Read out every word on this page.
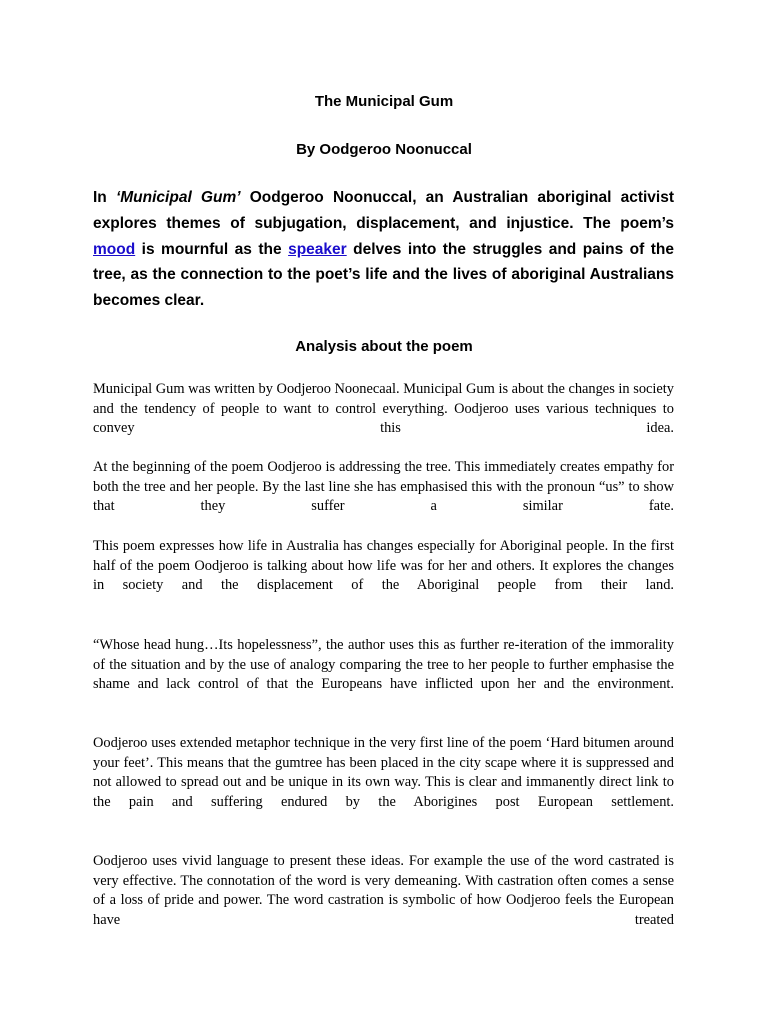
The Municipal Gum
By Oodgeroo Noonuccal

In ‘Municipal Gum’ Oodgeroo Noonuccal, an Australian aboriginal activist explores themes of subjugation, displacement, and injustice. The poem’s mood is mournful as the speaker delves into the struggles and pains of the tree, as the connection to the poet’s life and the lives of aboriginal Australians becomes clear.

Analysis about the poem

Municipal Gum was written by Oodjeroo Noonecaal. Municipal Gum is about the changes in society and the tendency of people to want to control everything. Oodjeroo uses various techniques to convey this idea.

At the beginning of the poem Oodjeroo is addressing the tree. This immediately creates empathy for both the tree and her people. By the last line she has emphasised this with the pronoun “us” to show that they suffer a similar fate.

This poem expresses how life in Australia has changes especially for Aboriginal people. In the first half of the poem Oodjeroo is talking about how life was for her and others. It explores the changes in society and the displacement of the Aboriginal people from their land.

“Whose head hung…Its hopelessness”, the author uses this as further re-iteration of the immorality of the situation and by the use of analogy comparing the tree to her people to further emphasise the shame and lack control of that the Europeans have inflicted upon her and the environment.

Oodjeroo uses extended metaphor technique in the very first line of the poem ‘Hard bitumen around your feet’. This means that the gumtree has been placed in the city scape where it is suppressed and not allowed to spread out and be unique in its own way. This is clear and immanently direct link to the pain and suffering endured by the Aborigines post European settlement.

Oodjeroo uses vivid language to present these ideas. For example the use of the word castrated is very effective. The connotation of the word is very demeaning. With castration often comes a sense of a loss of pride and power. The word castration is symbolic of how Oodjeroo feels the European have treated
